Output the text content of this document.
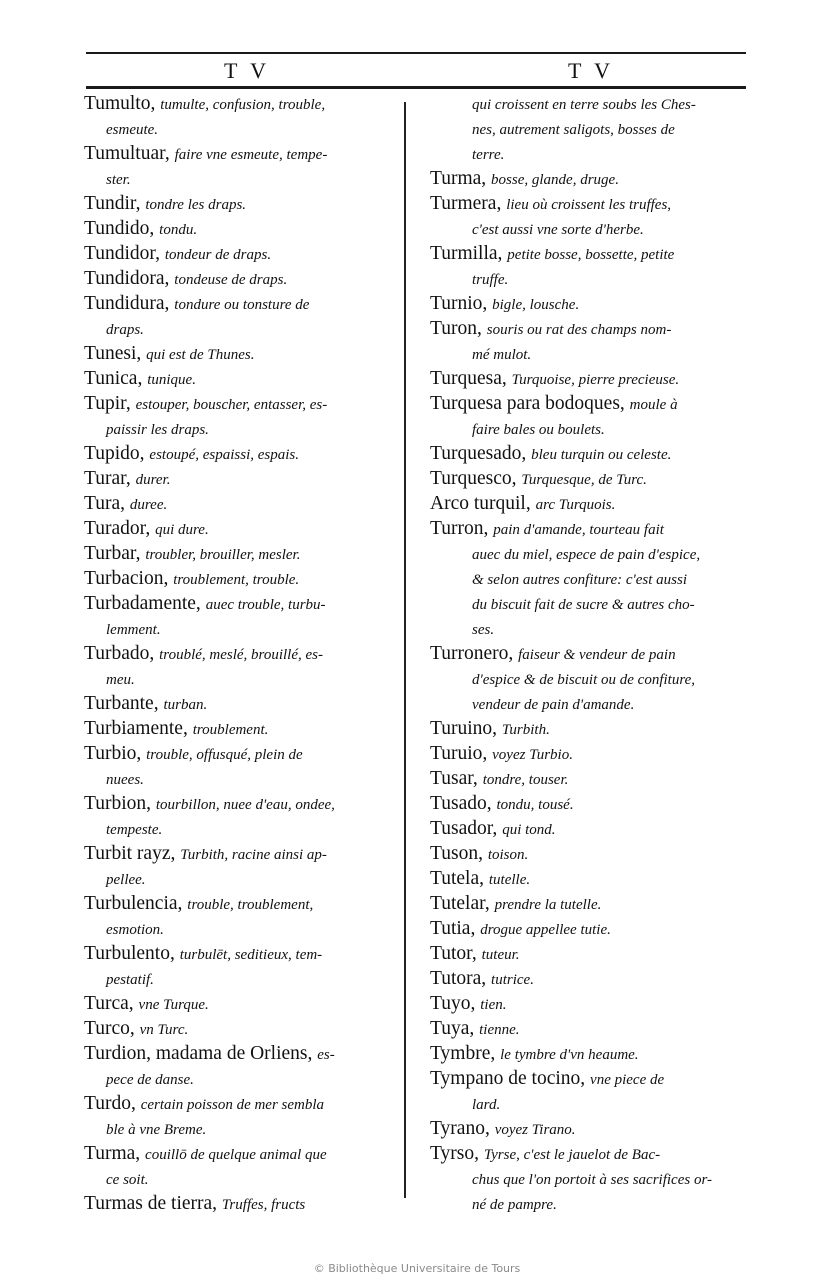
T V	T V
Tumulto, tumulte, confusion, trouble,
esmeute.
Tumultuar, faire vne esmeute, tempe-
ster.
Tundir, tondre les draps.
Tundido, tondu.
Tundidor, tondeur de draps.
Tundidora, tondeuse de draps.
Tundidura, tondure ou tonsture de
draps.
Tunesi, qui est de Thunes.
Tunica, tunique.
Tupir, estouper, bouscher, entasser, es-
paissir les draps.
Tupido, estoupé, espaissi, espais.
Turar, durer.
Tura, duree.
Turador, qui dure.
Turbar, troubler, brouiller, mesler.
Turbacion, troublement, trouble.
Turbadamente, auec trouble, turbu-
lemment.
Turbado, troublé, meslé, brouillé, es-
meu.
Turbante, turban.
Turbiamente, troublement.
Turbio, trouble, offusqué, plein de
nuees.
Turbion, tourbillon, nuee d'eau, ondee,
tempeste.
Turbit rayz, Turbith, racine ainsi ap-
pellee.
Turbulencia, trouble, troublement,
esmotion.
Turbulento, turbulēt, seditieux, tem-
pestatif.
Turca, vne Turque.
Turco, vn Turc.
Turdion, madama de Orliens, es-
pece de danse.
Turdo, certain poisson de mer sembla
ble à vne Breme.
Turma, couillō de quelque animal que
ce soit.
Turmas de tierra, Truffes, fructs
qui croissent en terre soubs les Ches-
nes, autrement saligots, bosses de
terre.
Turma, bosse, glande, druge.
Turmera, lieu où croissent les truffes,
c'est aussi vne sorte d'herbe.
Turmilla, petite bosse, bossette, petite
truffe.
Turnio, bigle, lousche.
Turon, souris ou rat des champs nom-
mé mulot.
Turquesa, Turquoise, pierre precieuse.
Turquesa para bodoques, moule à
faire bales ou boulets.
Turquesado, bleu turquin ou celeste.
Turquesco, Turquesque, de Turc.
Arco turquil, arc Turquois.
Turron, pain d'amande, tourteau fait
auec du miel, espece de pain d'espice,
& selon autres confiture: c'est aussi
du biscuit fait de sucre & autres cho-
ses.
Turronero, faiseur & vendeur de pain
d'espice & de biscuit ou de confiture,
vendeur de pain d'amande.
Turuino, Turbith.
Turuio, voyez Turbio.
Tusar, tondre, touser.
Tusado, tondu, tousé.
Tusador, qui tond.
Tuson, toison.
Tutela, tutelle.
Tutelar, prendre la tutelle.
Tutia, drogue appellee tutie.
Tutor, tuteur.
Tutora, tutrice.
Tuyo, tien.
Tuya, tienne.
Tymbre, le tymbre d'vn heaume.
Tympano de tocino, vne piece de
lard.
Tyrano, voyez Tirano.
Tyrso, Tyrse, c'est le jauelot de Bac-
chus que l'on portoit à ses sacrifices or-
né de pampre.
© Bibliothèque Universitaire de Tours
